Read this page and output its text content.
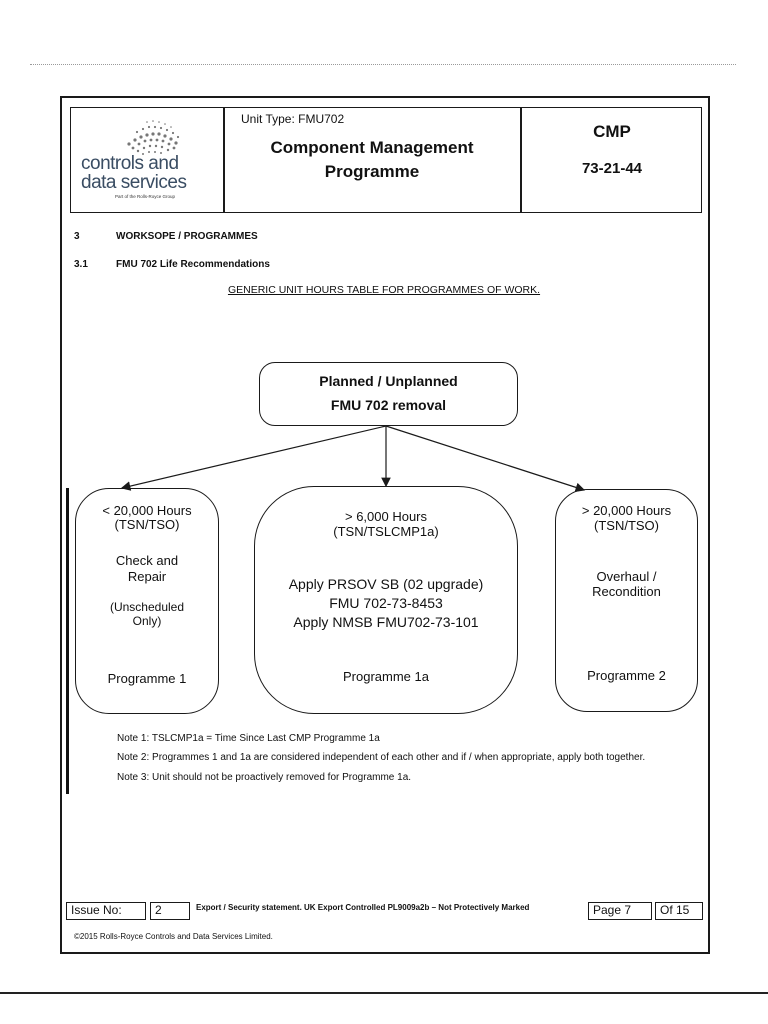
controls and
data services
Part of the Rolls-Royce Group
Unit Type: FMU702
Component Management
Programme
CMP
73-21-44
3	WORKSOPE / PROGRAMMES
3.1	FMU 702 Life Recommendations
GENERIC UNIT HOURS TABLE FOR PROGRAMMES OF WORK.
Planned / Unplanned
FMU 702 removal
< 20,000 Hours
(TSN/TSO)
Check and
Repair
(Unscheduled
Only)
Programme 1
> 6,000 Hours
(TSN/TSLCMP1a)
Apply PRSOV SB (02 upgrade)
FMU 702-73-8453
Apply NMSB FMU702-73-101
Programme 1a
> 20,000 Hours
(TSN/TSO)
Overhaul /
Recondition
Programme 2
Note 1: TSLCMP1a = Time Since Last CMP Programme 1a
Note 2: Programmes 1 and 1a are considered independent of each other and if / when appropriate, apply both together.
Note 3: Unit should not be proactively removed for Programme 1a.
Issue No:	2	Export / Security statement. UK Export Controlled PL9009a2b – Not Protectively Marked	Page 7	Of 15
©2015 Rolls-Royce Controls and Data Services Limited.
